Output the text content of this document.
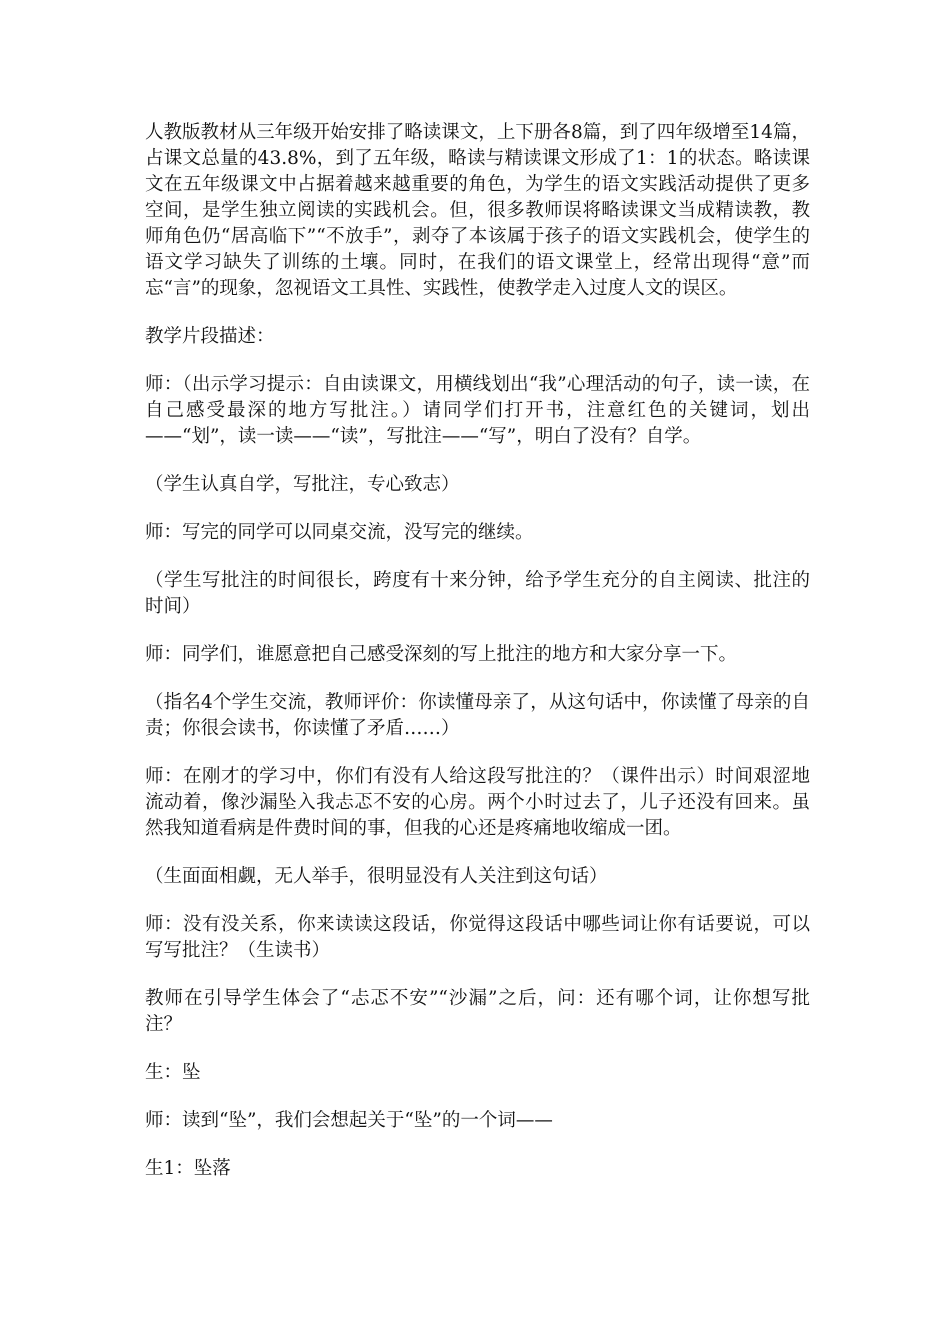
人教版教材从三年级开始安排了略读课文，上下册各8篇，到了四年级增至14篇，占课文总量的43.8%，到了五年级，略读与精读课文形成了1：1的状态。略读课文在五年级课文中占据着越来越重要的角色，为学生的语文实践活动提供了更多空间，是学生独立阅读的实践机会。但，很多教师误将略读课文当成精读教，教师角色仍“居高临下”“不放手”，剥夺了本该属于孩子的语文实践机会，使学生的语文学习缺失了训练的土壤。同时，在我们的语文课堂上，经常出现得“意”而忘“言”的现象，忽视语文工具性、实践性，使教学走入过度人文的误区。

教学片段描述：

师：（出示学习提示：自由读课文，用横线划出“我”心理活动的句子，读一读，在自己感受最深的地方写批注。）请同学们打开书，注意红色的关键词，划出——“划”，读一读——“读”，写批注——“写”，明白了没有？自学。

（学生认真自学，写批注，专心致志）

师：写完的同学可以同桌交流，没写完的继续。

（学生写批注的时间很长，跨度有十来分钟，给予学生充分的自主阅读、批注的时间）

师：同学们，谁愿意把自己感受深刻的写上批注的地方和大家分享一下。

（指名4个学生交流，教师评价：你读懂母亲了，从这句话中，你读懂了母亲的自责；你很会读书，你读懂了矛盾……）

师：在刚才的学习中，你们有没有人给这段写批注的？（课件出示）时间艰涩地流动着，像沙漏坠入我忐忑不安的心房。两个小时过去了，儿子还没有回来。虽然我知道看病是件费时间的事，但我的心还是疼痛地收缩成一团。

（生面面相觑，无人举手，很明显没有人关注到这句话）

师：没有没关系，你来读读这段话，你觉得这段话中哪些词让你有话要说，可以写写批注？（生读书）

教师在引导学生体会了“忐忑不安”“沙漏”之后，问：还有哪个词，让你想写批注？

生：坠

师：读到“坠”，我们会想起关于“坠”的一个词——

生1：坠落
